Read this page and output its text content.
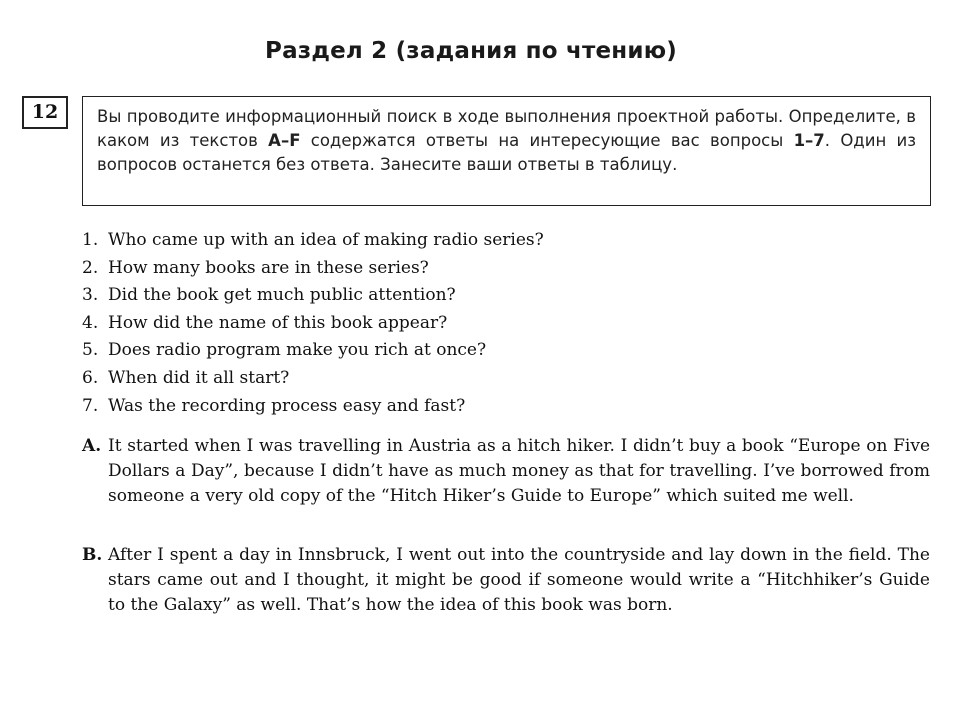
Раздел 2 (задания по чтению)
12	Вы проводите информационный поиск в ходе выполнения проектной работы. Определите, в каком из текстов A–F содержатся ответы на интересующие вас вопросы 1–7. Один из вопросов останется без ответа. Занесите ваши ответы в таблицу.
1. Who came up with an idea of making radio series?
2. How many books are in these series?
3. Did the book get much public attention?
4. How did the name of this book appear?
5. Does radio program make you rich at once?
6. When did it all start?
7. Was the recording process easy and fast?
A. It started when I was travelling in Austria as a hitch hiker. I didn’t buy a book “Europe on Five Dollars a Day”, because I didn’t have as much money as that for travelling. I’ve borrowed from someone a very old copy of the “Hitch Hiker’s Guide to Europe” which suited me well.
B. After I spent a day in Innsbruck, I went out into the countryside and lay down in the field. The stars came out and I thought, it might be good if someone would write a “Hitchhiker’s Guide to the Galaxy” as well. That’s how the idea of this book was born.
